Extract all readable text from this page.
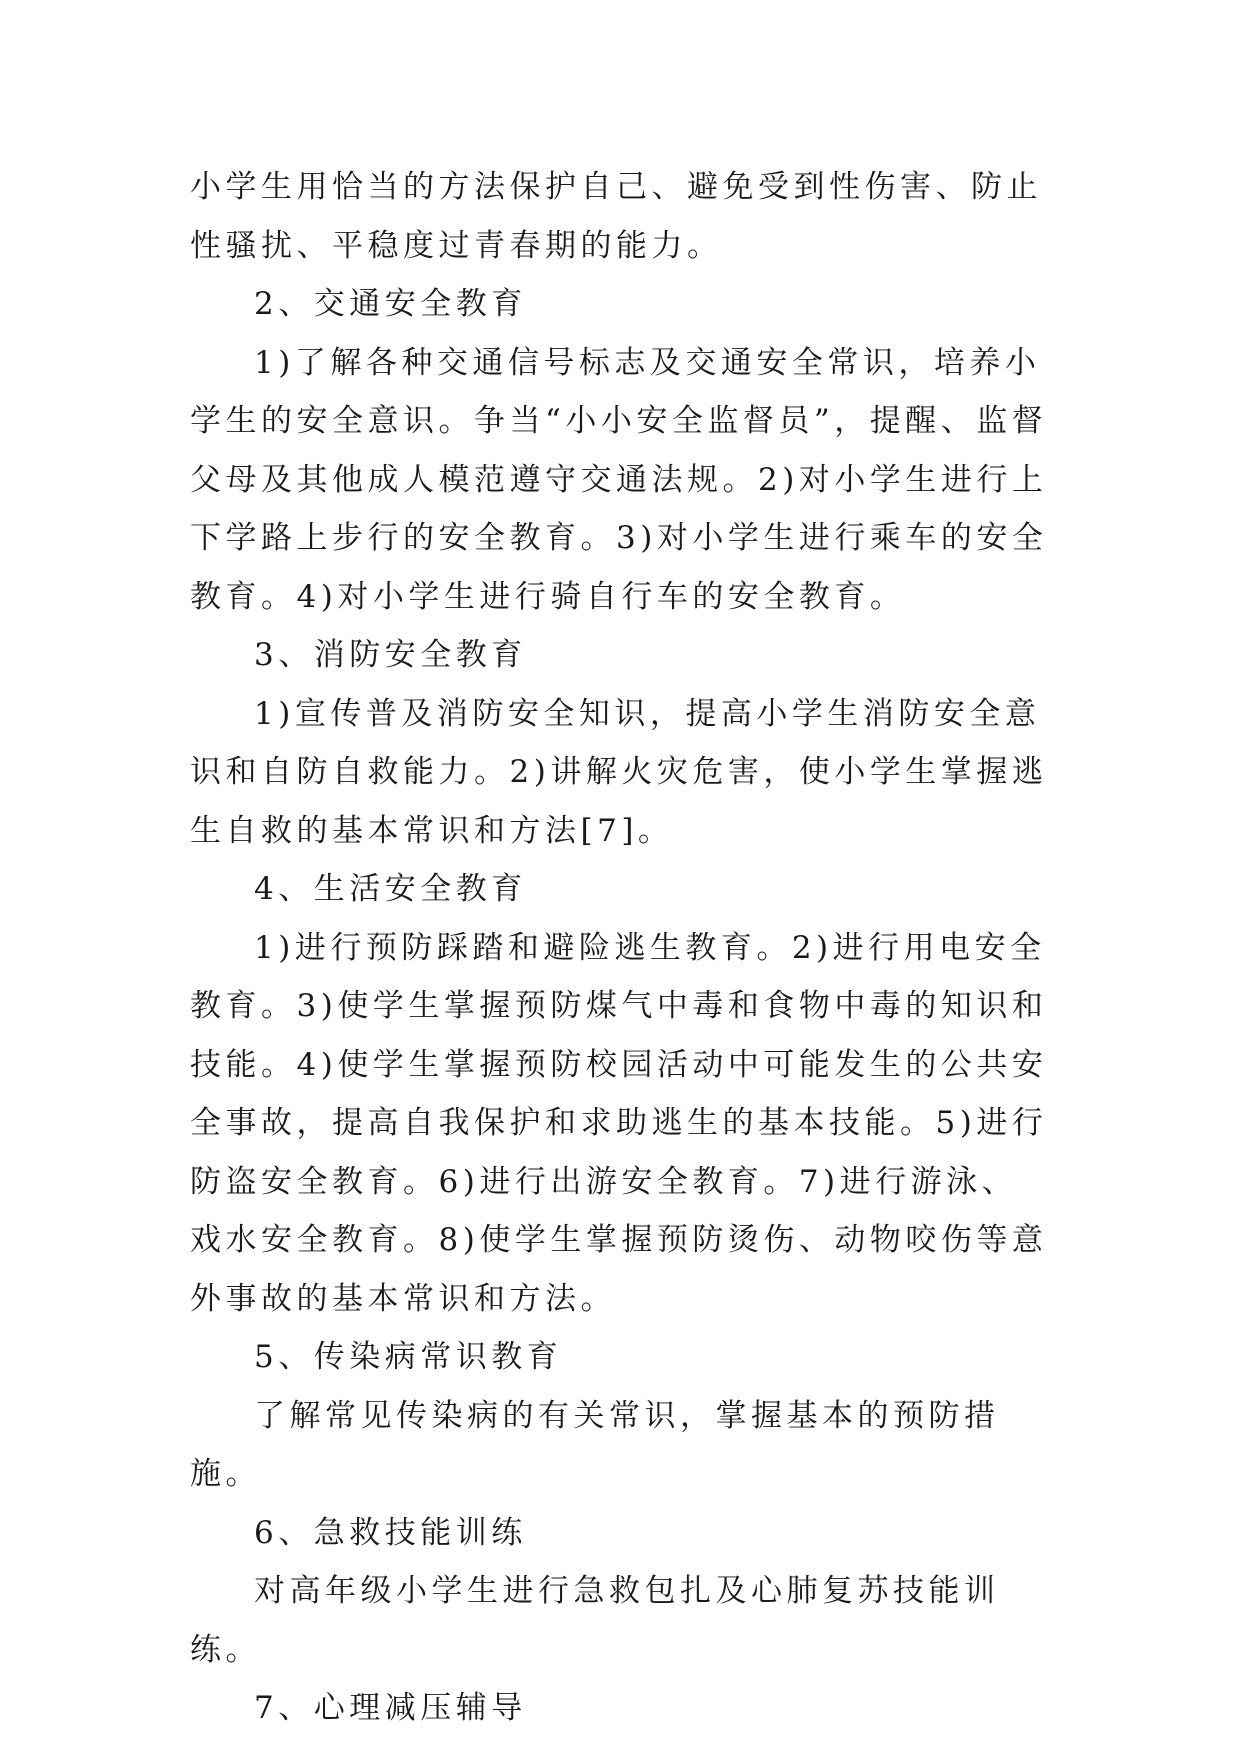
小学生用恰当的方法保护自己、避免受到性伤害、防止性骚扰、平稳度过青春期的能力。

2、交通安全教育

1)了解各种交通信号标志及交通安全常识，培养小学生的安全意识。争当“小小安全监督员”，提醒、监督父母及其他成人模范遵守交通法规。2)对小学生进行上下学路上步行的安全教育。3)对小学生进行乘车的安全教育。4)对小学生进行骑自行车的安全教育。

3、消防安全教育

1)宣传普及消防安全知识，提高小学生消防安全意识和自防自救能力。2)讲解火灾危害，使小学生掌握逃生自救的基本常识和方法[7]。

4、生活安全教育

1)进行预防踩踏和避险逃生教育。2)进行用电安全教育。3)使学生掌握预防煤气中毒和食物中毒的知识和技能。4)使学生掌握预防校园活动中可能发生的公共安全事故，提高自我保护和求助逃生的基本技能。5)进行防盗安全教育。6)进行出游安全教育。7)进行游泳、戏水安全教育。8)使学生掌握预防烫伤、动物咬伤等意外事故的基本常识和方法。

5、传染病常识教育

了解常见传染病的有关常识，掌握基本的预防措施。

6、急救技能训练

对高年级小学生进行急救包扎及心肺复苏技能训练。

7、心理减压辅导
